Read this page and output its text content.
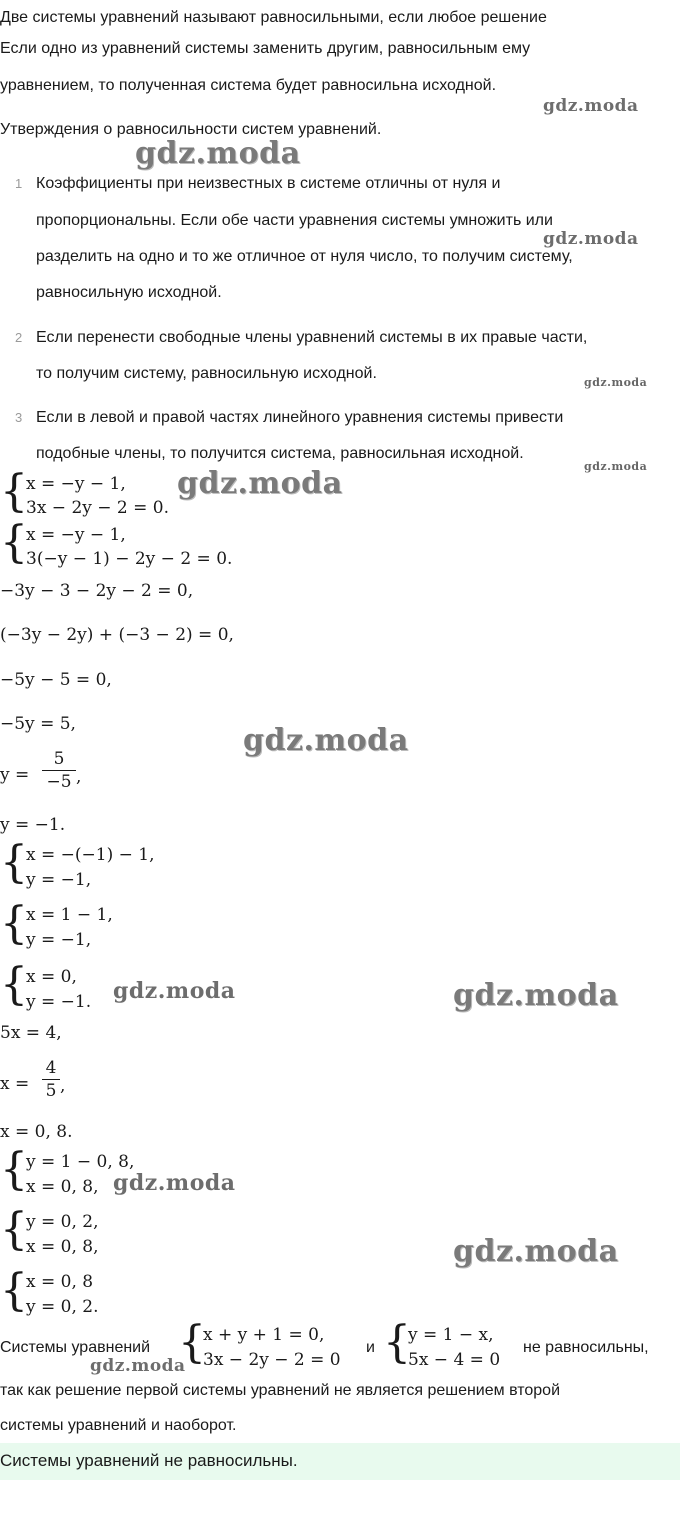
Две системы уравнений называют равносильными, если любое решение
Если одно из уравнений системы заменить другим, равносильным ему
уравнением, то полученная система будет равносильна исходной.
Утверждения о равносильности систем уравнений.
1 Коэффициенты при неизвестных в системе отличны от нуля и
пропорциональны. Если обе части уравнения системы умножить или
разделить на одно и то же отличное от нуля число, то получим систему,
равносильную исходной.
2 Если перенести свободные члены уравнений системы в их правые части,
то получим систему, равносильную исходной.
3 Если в левой и правой частях линейного уравнения системы привести
подобные члены, то получится система, равносильная исходной.
{
x = −y − 1,
3x − 2y − 2 = 0.
{
x = −y − 1,
3(−y − 1) − 2y − 2 = 0.
−3y − 3 − 2y − 2 = 0,
(−3y − 2y) + (−3 − 2) = 0,
−5y − 5 = 0,
−5y = 5,
y =
5
−5 ,
y = −1.
{
x = −(−1) − 1,
y = −1,
{
x = 1 − 1,
y = −1,
{
x = 0,
y = −1.
5x = 4,
x =
4
5 ,
x = 0, 8.
{
y = 1 − 0, 8,
x = 0, 8,
{
y = 0, 2,
x = 0, 8,
{
x = 0, 8
y = 0, 2.
Системы уравнений {
x + y + 1 = 0,
3x − 2y − 2 = 0
и {
y = 1 − x,
5x − 4 = 0
не равносильны,
так как решение первой системы уравнений не является решением второй
системы уравнений и наоборот.
Системы уравнений не равносильны.
gdz.moda
gdz.moda
gdz.moda
gdz.moda
gdz.moda
gdz.moda
gdz.moda
gdz.moda	gdz.moda
gdz.moda
gdz.moda
gdz.moda
